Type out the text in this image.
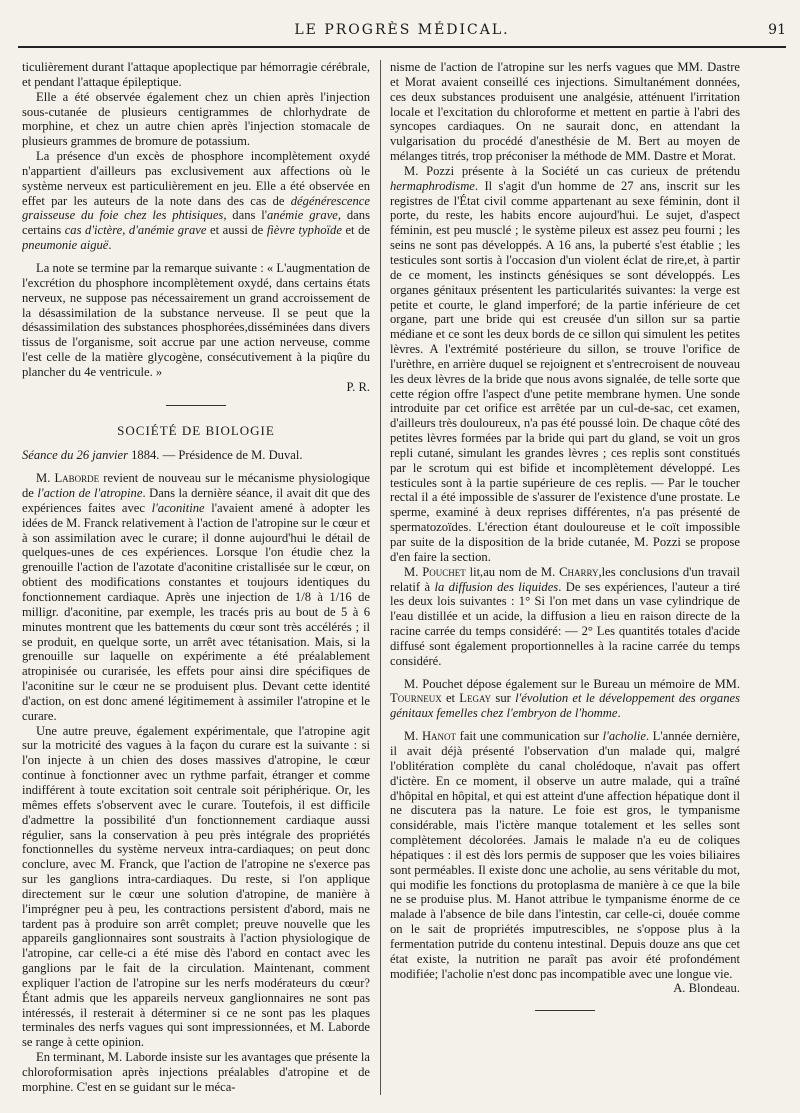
LE PROGRÈS MÉDICAL.	91

ticulièrement durant l'attaque apoplectique par hémorragie cérébrale, et pendant l'attaque épileptique.

Elle a été observée également chez un chien après l'injection sous-cutanée de plusieurs centigrammes de chlorhydrate de morphine, et chez un autre chien après l'injection stomacale de plusieurs grammes de bromure de potassium.

La présence d'un excès de phosphore incomplètement oxydé n'appartient d'ailleurs pas exclusivement aux affections où le système nerveux est particulièrement en jeu. Elle a été observée en effet par les auteurs de la note dans des cas de dégénérescence graisseuse du foie chez les phtisiques, dans l'anémie grave, dans certains cas d'ictère, d'anémie grave et aussi de fièvre typhoïde et de pneumonie aiguë.

La note se termine par la remarque suivante : « L'augmentation de l'excrétion du phosphore incomplètement oxydé, dans certains états nerveux, ne suppose pas nécessairement un grand accroissement de la désassimilation de la substance nerveuse. Il se peut que la désassimilation des substances phosphorées,disséminées dans divers tissus de l'organisme, soit accrue par une action nerveuse, comme l'est celle de la matière glycogène, consécutivement à la piqûre du plancher du 4e ventricule. »

P. R.

SOCIÉTÉ DE BIOLOGIE

Séance du 26 janvier 1884. — Présidence de M. Duval.

M. Laborde revient de nouveau sur le mécanisme physiologique de l'action de l'atropine. Dans la dernière séance, il avait dit que des expériences faites avec l'aconitine l'avaient amené à adopter les idées de M. Franck relativement à l'action de l'atropine sur le cœur et à son assimilation avec le curare; il donne aujourd'hui le détail de quelques-unes de ces expériences. Lorsque l'on étudie chez la grenouille l'action de l'azotate d'aconitine cristallisée sur le cœur, on obtient des modifications constantes et toujours identiques du fonctionnement cardiaque. Après une injection de 1/8 à 1/16 de milligr. d'aconitine, par exemple, les tracés pris au bout de 5 à 6 minutes montrent que les battements du cœur sont très accélérés ; il se produit, en quelque sorte, un arrêt avec tétanisation. Mais, si la grenouille sur laquelle on expérimente a été préalablement atropinisée ou curarisée, les effets pour ainsi dire spécifiques de l'aconitine sur le cœur ne se produisent plus. Devant cette identité d'action, on est donc amené légitimement à assimiler l'atropine et le curare.

Une autre preuve, également expérimentale, que l'atropine agit sur la motricité des vagues à la façon du curare est la suivante : si l'on injecte à un chien des doses massives d'atropine, le cœur continue à fonctionner avec un rythme parfait, étranger et comme indifférent à toute excitation soit centrale soit périphérique. Or, les mêmes effets s'observent avec le curare. Toutefois, il est difficile d'admettre la possibilité d'un fonctionnement cardiaque aussi régulier, sans la conservation à peu près intégrale des propriétés fonctionnelles du système nerveux intra-cardiaques; on peut donc conclure, avec M. Franck, que l'action de l'atropine ne s'exerce pas sur les ganglions intra-cardiaques. Du reste, si l'on applique directement sur le cœur une solution d'atropine, de manière à l'imprégner peu à peu, les contractions persistent d'abord, mais ne tardent pas à produire son arrêt complet; preuve nouvelle que les appareils ganglionnaires sont soustraits à l'action physiologique de l'atropine, car celle-ci a été mise dès l'abord en contact avec les ganglions par le fait de la circulation. Maintenant, comment expliquer l'action de l'atropine sur les nerfs modérateurs du cœur? Étant admis que les appareils nerveux ganglionnaires ne sont pas intéressés, il resterait à déterminer si ce ne sont pas les plaques terminales des nerfs vagues qui sont impressionnées, et M. Laborde se range à cette opinion.

En terminant, M. Laborde insiste sur les avantages que présente la chloroformisation après injections préalables d'atropine et de morphine. C'est en se guidant sur le méca-

nisme de l'action de l'atropine sur les nerfs vagues que MM. Dastre et Morat avaient conseillé ces injections. Simultanément données, ces deux substances produisent une analgésie, atténuent l'irritation locale et l'excitation du chloroforme et mettent en partie à l'abri des syncopes cardiaques. On ne saurait donc, en attendant la vulgarisation du procédé d'anesthésie de M. Bert au moyen de mélanges titrés, trop préconiser la méthode de MM. Dastre et Morat.

M. Pozzi présente à la Société un cas curieux de prétendu hermaphrodisme. Il s'agit d'un homme de 27 ans, inscrit sur les registres de l'État civil comme appartenant au sexe féminin, dont il porte, du reste, les habits encore aujourd'hui. Le sujet, d'aspect féminin, est peu musclé ; le système pileux est assez peu fourni ; les seins ne sont pas développés. A 16 ans, la puberté s'est établie ; les testicules sont sortis à l'occasion d'un violent éclat de rire,et, à partir de ce moment, les instincts génésiques se sont développés. Les organes génitaux présentent les particularités suivantes: la verge est petite et courte, le gland imperforé; de la partie inférieure de cet organe, part une bride qui est creusée d'un sillon sur sa partie médiane et ce sont les deux bords de ce sillon qui simulent les petites lèvres. A l'extrémité postérieure du sillon, se trouve l'orifice de l'urèthre, en arrière duquel se rejoignent et s'entrecroisent de nouveau les deux lèvres de la bride que nous avons signalée, de telle sorte que cette région offre l'aspect d'une petite membrane hymen. Une sonde introduite par cet orifice est arrêtée par un cul-de-sac, cet examen, d'ailleurs très douloureux, n'a pas été poussé loin. De chaque côté des petites lèvres formées par la bride qui part du gland, se voit un gros repli cutané, simulant les grandes lèvres ; ces replis sont constitués par le scrotum qui est bifide et incomplètement développé. Les testicules sont à la partie supérieure de ces replis. — Par le toucher rectal il a été impossible de s'assurer de l'existence d'une prostate. Le sperme, examiné à deux reprises différentes, n'a pas présenté de spermatozoïdes. L'érection étant douloureuse et le coït impossible par suite de la disposition de la bride cutanée, M. Pozzi se propose d'en faire la section.

M. Pouchet lit,au nom de M. Charry,les conclusions d'un travail relatif à la diffusion des liquides. De ses expériences, l'auteur a tiré les deux lois suivantes : 1° Si l'on met dans un vase cylindrique de l'eau distillée et un acide, la diffusion a lieu en raison directe de la racine carrée du temps considéré: — 2° Les quantités totales d'acide diffusé sont également proportionnelles à la racine carrée du temps considéré.

M. Pouchet dépose également sur le Bureau un mémoire de MM. Tourneux et Legay sur l'évolution et le développement des organes génitaux femelles chez l'embryon de l'homme.

M. Hanot fait une communication sur l'acholie. L'année dernière, il avait déjà présenté l'observation d'un malade qui, malgré l'oblitération complète du canal cholédoque, n'avait pas offert d'ictère. En ce moment, il observe un autre malade, qui a traîné d'hôpital en hôpital, et qui est atteint d'une affection hépatique dont il ne discutera pas la nature. Le foie est gros, le tympanisme considérable, mais l'ictère manque totalement et les selles sont complètement décolorées. Jamais le malade n'a eu de coliques hépatiques : il est dès lors permis de supposer que les voies biliaires sont perméables. Il existe donc une acholie, au sens véritable du mot, qui modifie les fonctions du protoplasma de manière à ce que la bile ne se produise plus. M. Hanot attribue le tympanisme énorme de ce malade à l'absence de bile dans l'intestin, car celle-ci, douée comme on le sait de propriétés imputrescibles, ne s'oppose plus à la fermentation putride du contenu intestinal. Depuis douze ans que cet état existe, la nutrition ne paraît pas avoir été profondément modifiée; l'acholie n'est donc pas incompatible avec une longue vie.

A. Blondeau.
